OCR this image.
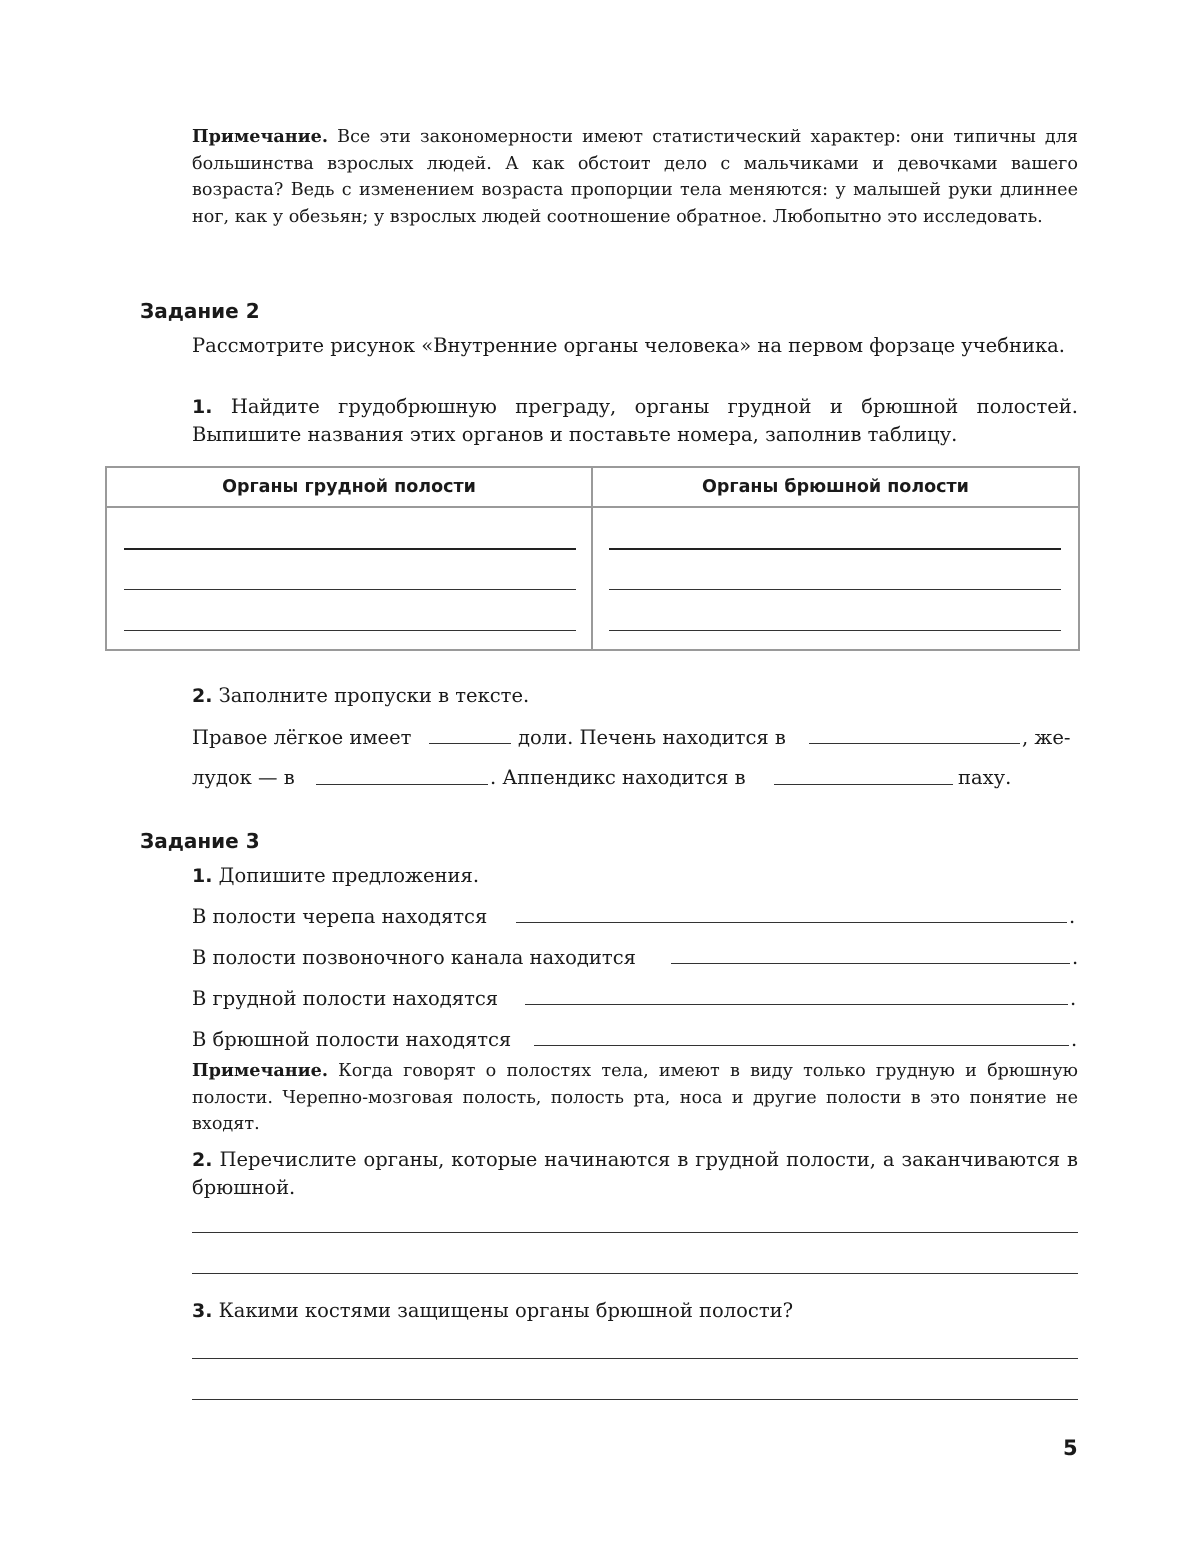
Примечание. Все эти закономерности имеют статистический характер: они типичны для большинства взрослых людей. А как обстоит дело с мальчиками и девочками вашего возраста? Ведь с изменением возраста пропорции тела меняются: у малышей руки длиннее ног, как у обезьян; у взрослых людей соотношение обратное. Любопытно это исследовать.
Задание 2
Рассмотрите рисунок «Внутренние органы человека» на первом форзаце учебника.
1. Найдите грудобрюшную преграду, органы грудной и брюшной полостей. Выпишите названия этих органов и поставьте номера, заполнив таблицу.
Органы грудной полости	Органы брюшной полости

2. Заполните пропуски в тексте.
Правое лёгкое имеет	доли. Печень находится в	, же-
лудок — в	. Аппендикс находится в	паху.
Задание 3
1. Допишите предложения.
В полости черепа находятся	.
В полости позвоночного канала находится	.
В грудной полости находятся	.
В брюшной полости находятся	.
Примечание. Когда говорят о полостях тела, имеют в виду только грудную и брюшную полости. Черепно-мозговая полость, полость рта, носа и другие полости в это понятие не входят.
2. Перечислите органы, которые начинаются в грудной полости, а заканчиваются в брюшной.
3. Какими костями защищены органы брюшной полости?
5
